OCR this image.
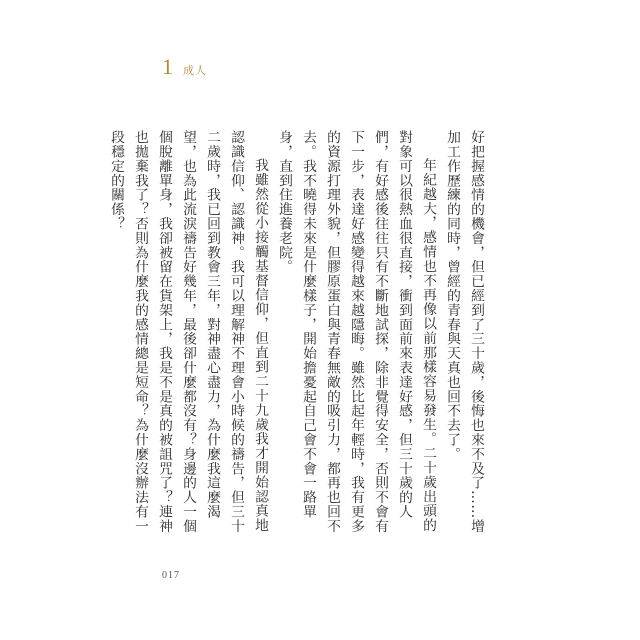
1 成人

好把握感情的機會，但已經到了三十歲，後悔也來不及了……增加工作歷練的同時，曾經的青春與天真也回不去了。

年紀越大，感情也不再像以前那樣容易發生。二十歲出頭的對象可以很熱血很直接，衝到面前來表達好感，但三十歲的人們，有好感後往往只有不斷地試探，除非覺得安全，否則不會有下一步，表達好感變得越來越隱晦。雖然比起年輕時，我有更多的資源打理外貌，但膠原蛋白與青春無敵的吸引力，都再也回不去。我不曉得未來是什麼樣子，開始擔憂起自己會不會一路單身，直到住進養老院。

我雖然從小接觸基督信仰，但直到二十九歲我才開始認真地認識信仰、認識神。我可以理解神不理會小時候的禱告，但三十二歲時，我已回到教會三年，對神盡心盡力，為什麼我這麼渴望，也為此流淚禱告好幾年，最後卻什麼都沒有？身邊的人一個個脫離單身，我卻被留在貨架上，我是不是真的被詛咒了？連神也拋棄我了？否則為什麼我的感情總是短命？為什麼沒辦法有一段穩定的關係？

017
